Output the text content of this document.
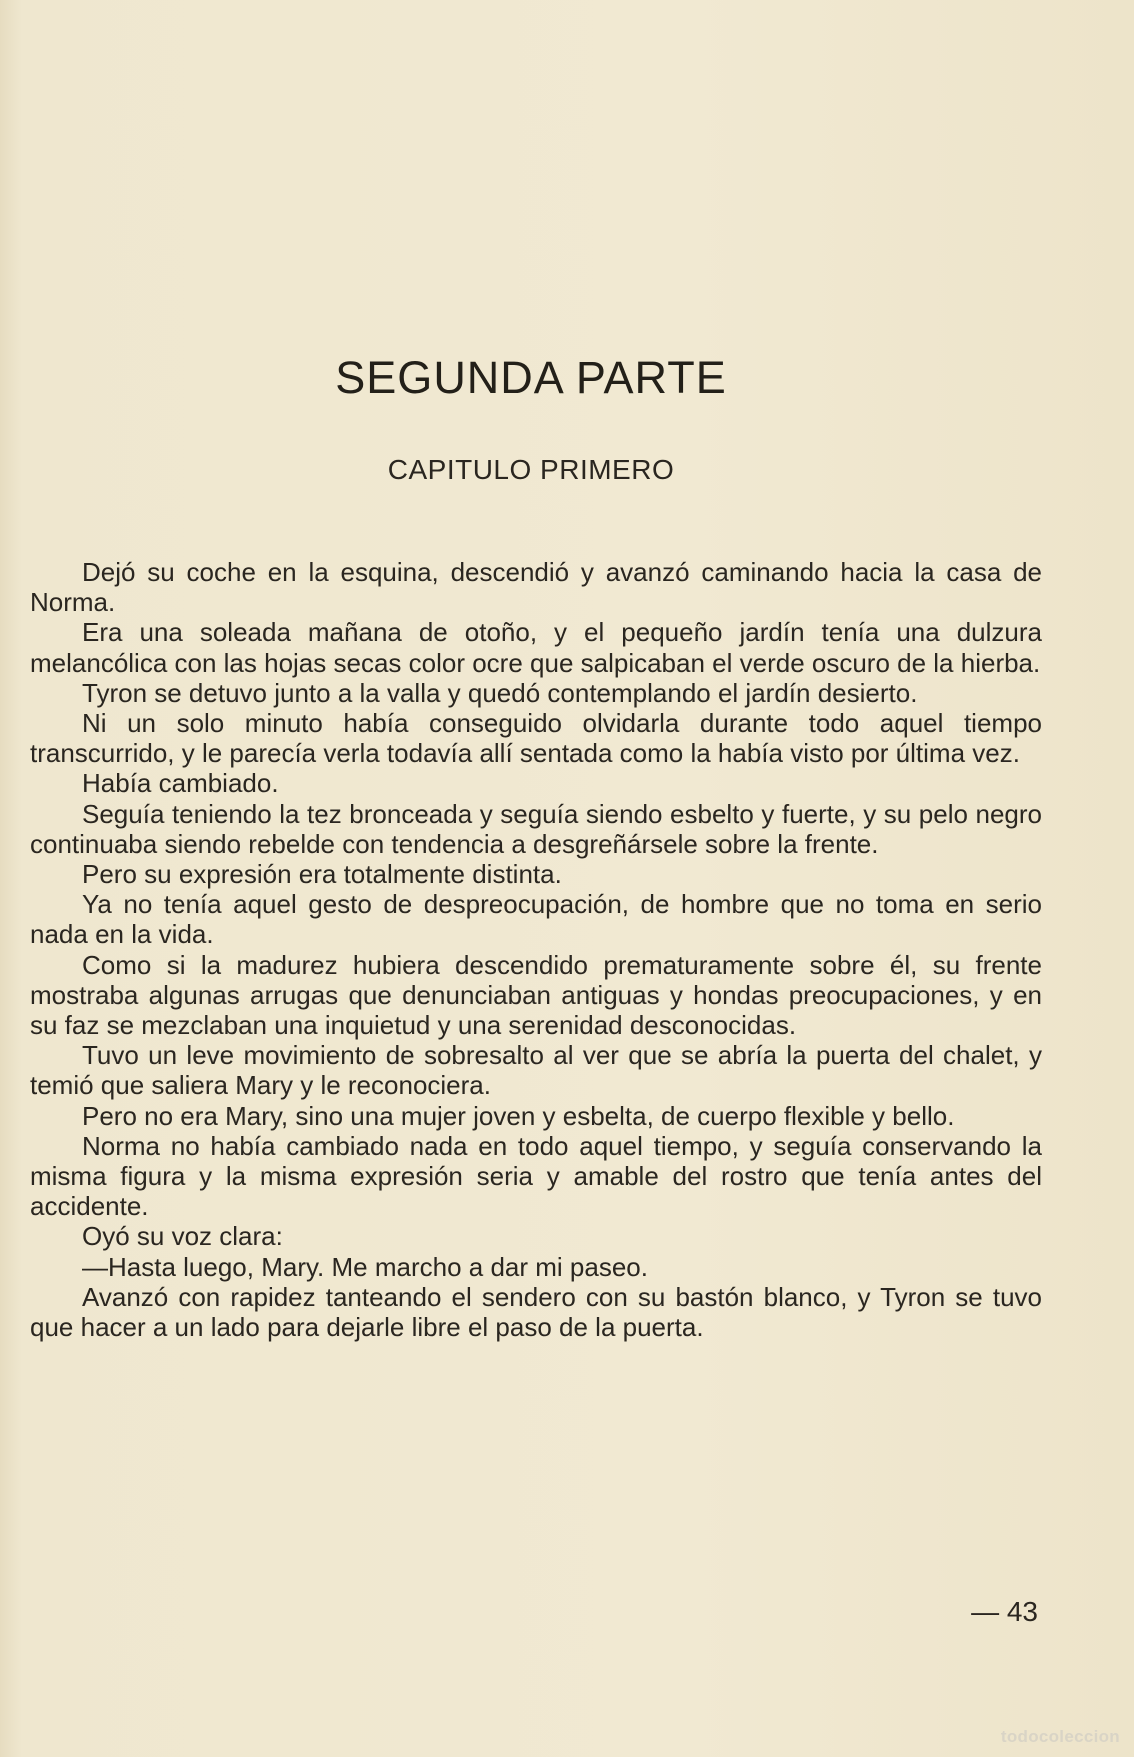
SEGUNDA PARTE
CAPITULO PRIMERO

Dejó su coche en la esquina, descendió y avanzó caminando hacia la casa de Norma.

Era una soleada mañana de otoño, y el pequeño jardín tenía una dulzura melancólica con las hojas secas color ocre que salpicaban el verde oscuro de la hierba.

Tyron se detuvo junto a la valla y quedó contemplando el jardín desierto.

Ni un solo minuto había conseguido olvidarla durante todo aquel tiempo transcurrido, y le parecía verla todavía allí sentada como la había visto por última vez.

Había cambiado.

Seguía teniendo la tez bronceada y seguía siendo esbelto y fuerte, y su pelo negro continuaba siendo rebelde con tendencia a desgreñársele sobre la frente.

Pero su expresión era totalmente distinta.

Ya no tenía aquel gesto de despreocupación, de hombre que no toma en serio nada en la vida.

Como si la madurez hubiera descendido prematuramente sobre él, su frente mostraba algunas arrugas que denunciaban antiguas y hondas preocupaciones, y en su faz se mezclaban una inquietud y una serenidad desconocidas.

Tuvo un leve movimiento de sobresalto al ver que se abría la puerta del chalet, y temió que saliera Mary y le reconociera.

Pero no era Mary, sino una mujer joven y esbelta, de cuerpo flexible y bello.

Norma no había cambiado nada en todo aquel tiempo, y seguía conservando la misma figura y la misma expresión seria y amable del rostro que tenía antes del accidente.

Oyó su voz clara:

—Hasta luego, Mary. Me marcho a dar mi paseo.

Avanzó con rapidez tanteando el sendero con su bastón blanco, y Tyron se tuvo que hacer a un lado para dejarle libre el paso de la puerta.

— 43
todocoleccion
